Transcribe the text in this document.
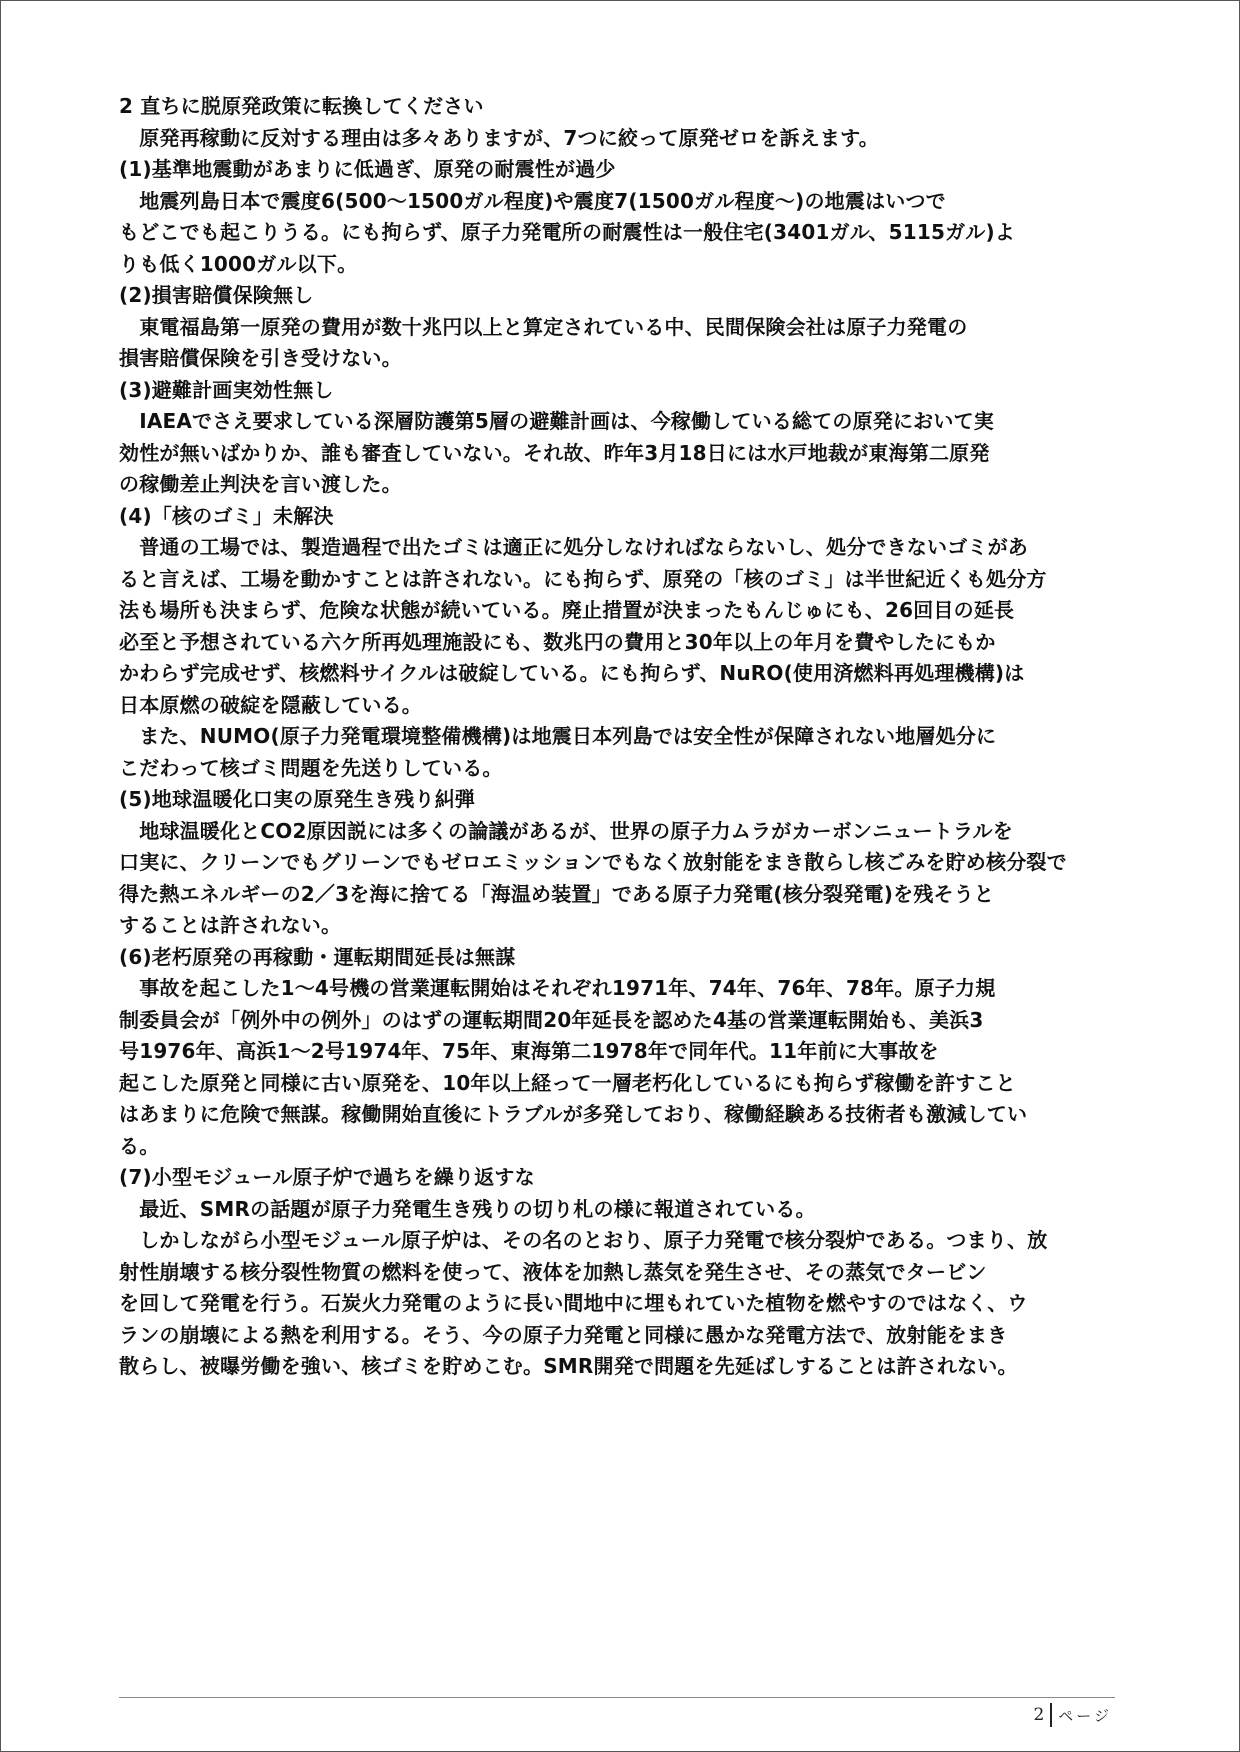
2 直ちに脱原発政策に転換してください
　原発再稼動に反対する理由は多々ありますが、7つに絞って原発ゼロを訴えます。
(1)基準地震動があまりに低過ぎ、原発の耐震性が過少
　地震列島日本で震度6(500～1500ガル程度)や震度7(1500ガル程度～)の地震はいつで
もどこでも起こりうる。にも拘らず、原子力発電所の耐震性は一般住宅(3401ガル、5115ガル)よ
りも低く1000ガル以下。
(2)損害賠償保険無し
　東電福島第一原発の費用が数十兆円以上と算定されている中、民間保険会社は原子力発電の
損害賠償保険を引き受けない。
(3)避難計画実効性無し
　IAEAでさえ要求している深層防護第5層の避難計画は、今稼働している総ての原発において実
効性が無いばかりか、誰も審査していない。それ故、昨年3月18日には水戸地裁が東海第二原発
の稼働差止判決を言い渡した。
(4)「核のゴミ」未解決
　普通の工場では、製造過程で出たゴミは適正に処分しなければならないし、処分できないゴミがあ
ると言えば、工場を動かすことは許されない。にも拘らず、原発の「核のゴミ」は半世紀近くも処分方
法も場所も決まらず、危険な状態が続いている。廃止措置が決まったもんじゅにも、26回目の延長
必至と予想されている六ケ所再処理施設にも、数兆円の費用と30年以上の年月を費やしたにもか
かわらず完成せず、核燃料サイクルは破綻している。にも拘らず、NuRO(使用済燃料再処理機構)は
日本原燃の破綻を隠蔽している。
　また、NUMO(原子力発電環境整備機構)は地震日本列島では安全性が保障されない地層処分に
こだわって核ゴミ問題を先送りしている。
(5)地球温暖化口実の原発生き残り糾弾
　地球温暖化とCO2原因説には多くの論議があるが、世界の原子力ムラがカーボンニュートラルを
口実に、クリーンでもグリーンでもゼロエミッションでもなく放射能をまき散らし核ごみを貯め核分裂で
得た熱エネルギーの2／3を海に捨てる「海温め装置」である原子力発電(核分裂発電)を残そうと
することは許されない。
(6)老朽原発の再稼動・運転期間延長は無謀
　事故を起こした1～4号機の営業運転開始はそれぞれ1971年、74年、76年、78年。原子力規
制委員会が「例外中の例外」のはずの運転期間20年延長を認めた4基の営業運転開始も、美浜3
号1976年、高浜1～2号1974年、75年、東海第二1978年で同年代。11年前に大事故を
起こした原発と同様に古い原発を、10年以上経って一層老朽化しているにも拘らず稼働を許すこと
はあまりに危険で無謀。稼働開始直後にトラブルが多発しており、稼働経験ある技術者も激減してい
る。
(7)小型モジュール原子炉で過ちを繰り返すな
　最近、SMRの話題が原子力発電生き残りの切り札の様に報道されている。
　しかしながら小型モジュール原子炉は、その名のとおり、原子力発電で核分裂炉である。つまり、放
射性崩壊する核分裂性物質の燃料を使って、液体を加熱し蒸気を発生させ、その蒸気でタービン
を回して発電を行う。石炭火力発電のように長い間地中に埋もれていた植物を燃やすのではなく、ウ
ランの崩壊による熱を利用する。そう、今の原子力発電と同様に愚かな発電方法で、放射能をまき
散らし、被曝労働を強い、核ゴミを貯めこむ。SMR開発で問題を先延ばしすることは許されない。
2 ページ
